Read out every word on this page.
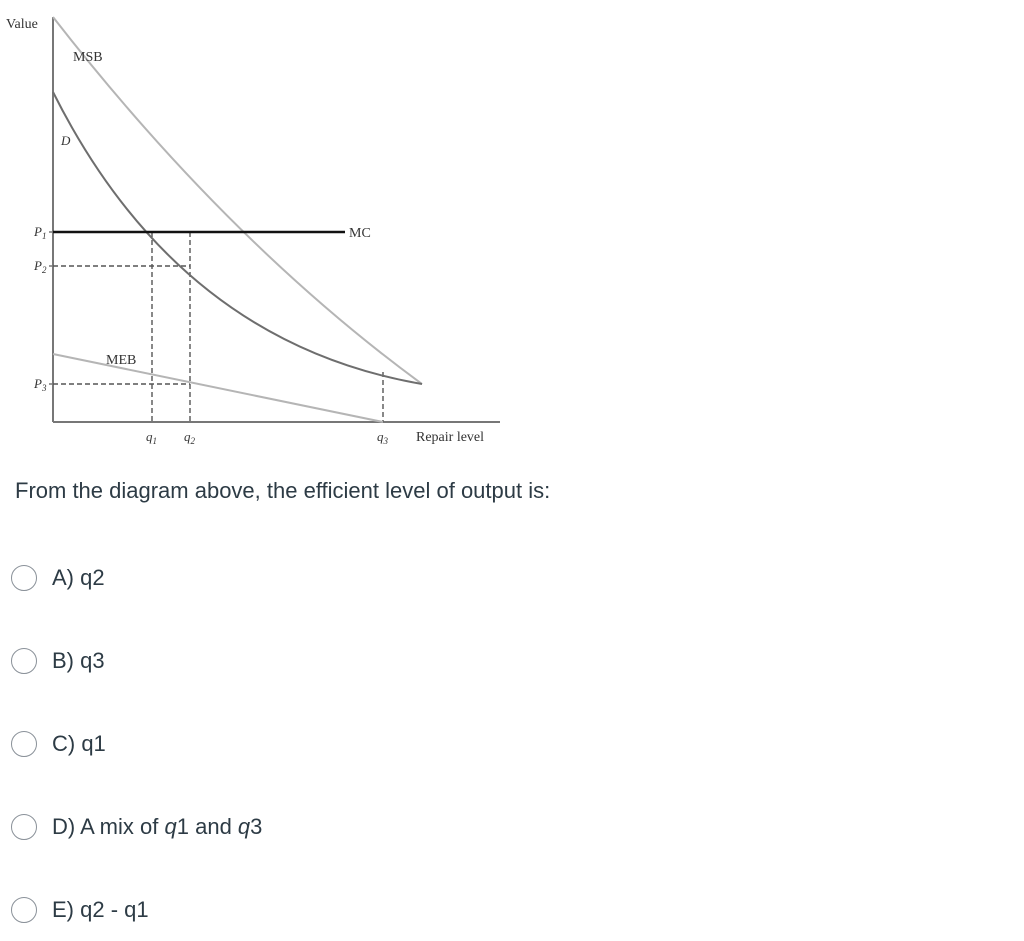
Value
Repair level
MSB
D
MC
MEB
$P_1$
$P_2$
$P_3$
$q_1$ $q_2$	$q_3$
From the diagram above, the efficient level of output is:
A) q2
B) q3
C) q1
D) A mix of q1 and q3
E) q2 - q1
